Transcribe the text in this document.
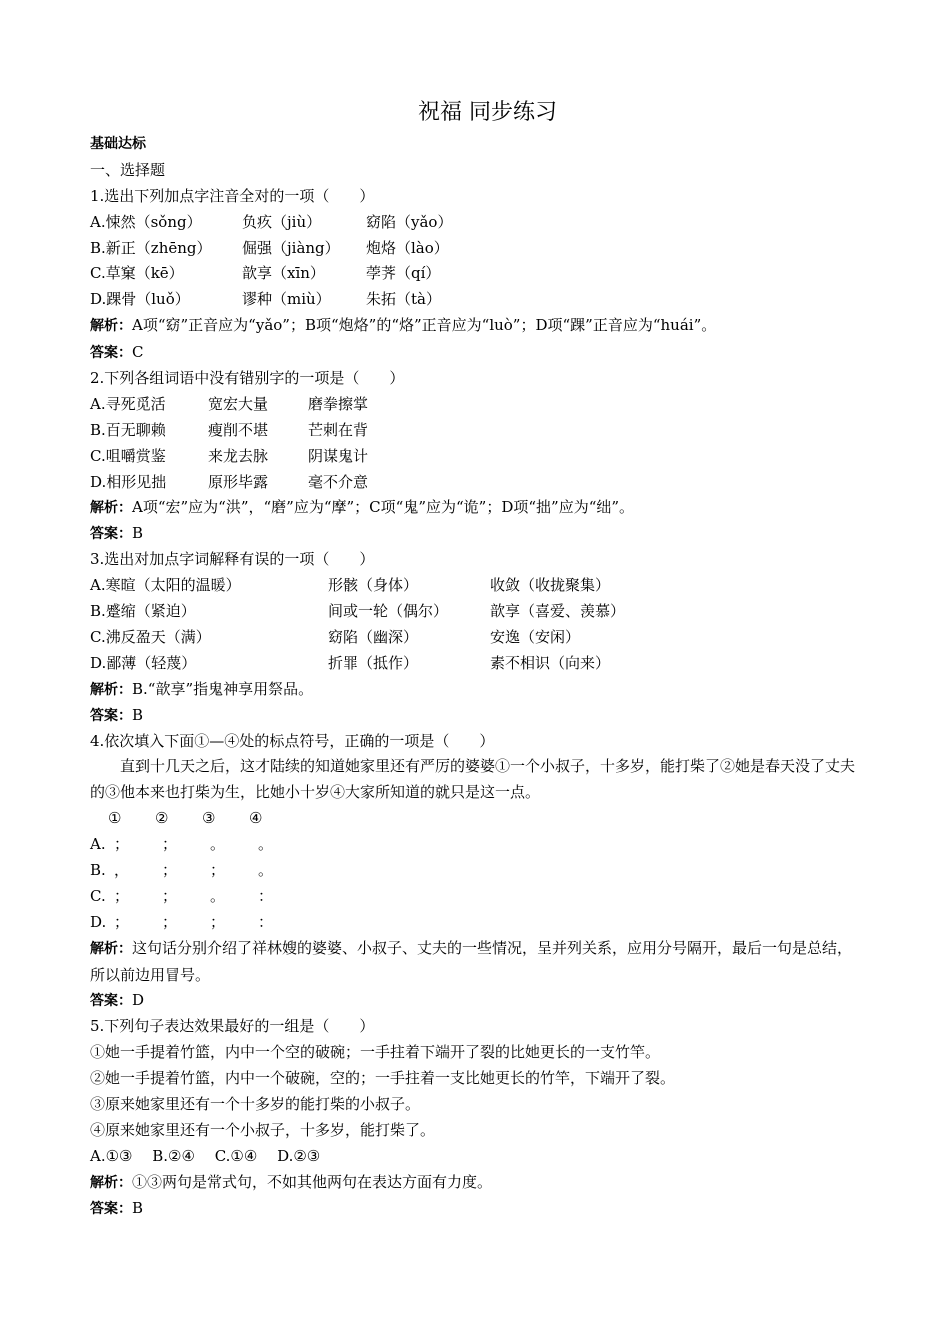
祝福 同步练习
基础达标
一、选择题
1.选出下列加点字注音全对的一项（　　）
A.悚然（sǒng）	负疚（jiù）	窈陷（yǎo）
B.新正（zhēng）	倔强（jiàng）	炮烙（lào）
C.草窠（kē）	歆享（xīn）	荸荠（qí）
D.踝骨（luǒ）	谬种（miù）	朱拓（tà）
解析：A项“窈”正音应为“yǎo”；B项“炮烙”的“烙”正音应为“luò”；D项“踝”正音应为“huái”。
答案：C
2.下列各组词语中没有错别字的一项是（　　）
A.寻死觅活	宽宏大量	磨拳擦掌
B.百无聊赖	瘦削不堪	芒刺在背
C.咀嚼赏鉴	来龙去脉	阴谋鬼计
D.相形见拙	原形毕露	毫不介意
解析：A项“宏”应为“洪”，“磨”应为“摩”；C项“鬼”应为“诡”；D项“拙”应为“绌”。
答案：B
3.选出对加点字词解释有误的一项（　　）
A.寒暄（太阳的温暖）	形骸（身体）	收敛（收拢聚集）
B.蹙缩（紧迫）	间或一轮（偶尔）	歆享（喜爱、羡慕）
C.沸反盈天（满）	窈陷（幽深）	安逸（安闲）
D.鄙薄（轻蔑）	折罪（抵作）	素不相识（向来）
解析：B.“歆享”指鬼神享用祭品。
答案：B
4.依次填入下面①—④处的标点符号，正确的一项是（　　）
直到十几天之后，这才陆续的知道她家里还有严厉的婆婆①一个小叔子，十多岁，能打柴了②她是春天没了丈夫的③他本来也打柴为生，比她小十岁④大家所知道的就只是这一点。
① ② ③ ④
A. ； ； 。 。
B. ， ； ； 。
C. ； ； 。 ：
D. ； ； ； ：
解析：这句话分别介绍了祥林嫂的婆婆、小叔子、丈夫的一些情况，呈并列关系，应用分号隔开，最后一句是总结，所以前边用冒号。
答案：D
5.下列句子表达效果最好的一组是（　　）
①她一手提着竹篮，内中一个空的破碗；一手拄着下端开了裂的比她更长的一支竹竿。
②她一手提着竹篮，内中一个破碗，空的；一手拄着一支比她更长的竹竿，下端开了裂。
③原来她家里还有一个十多岁的能打柴的小叔子。
④原来她家里还有一个小叔子，十多岁，能打柴了。
A.①③　 B.②④　 C.①④　 D.②③
解析：①③两句是常式句，不如其他两句在表达方面有力度。
答案：B
